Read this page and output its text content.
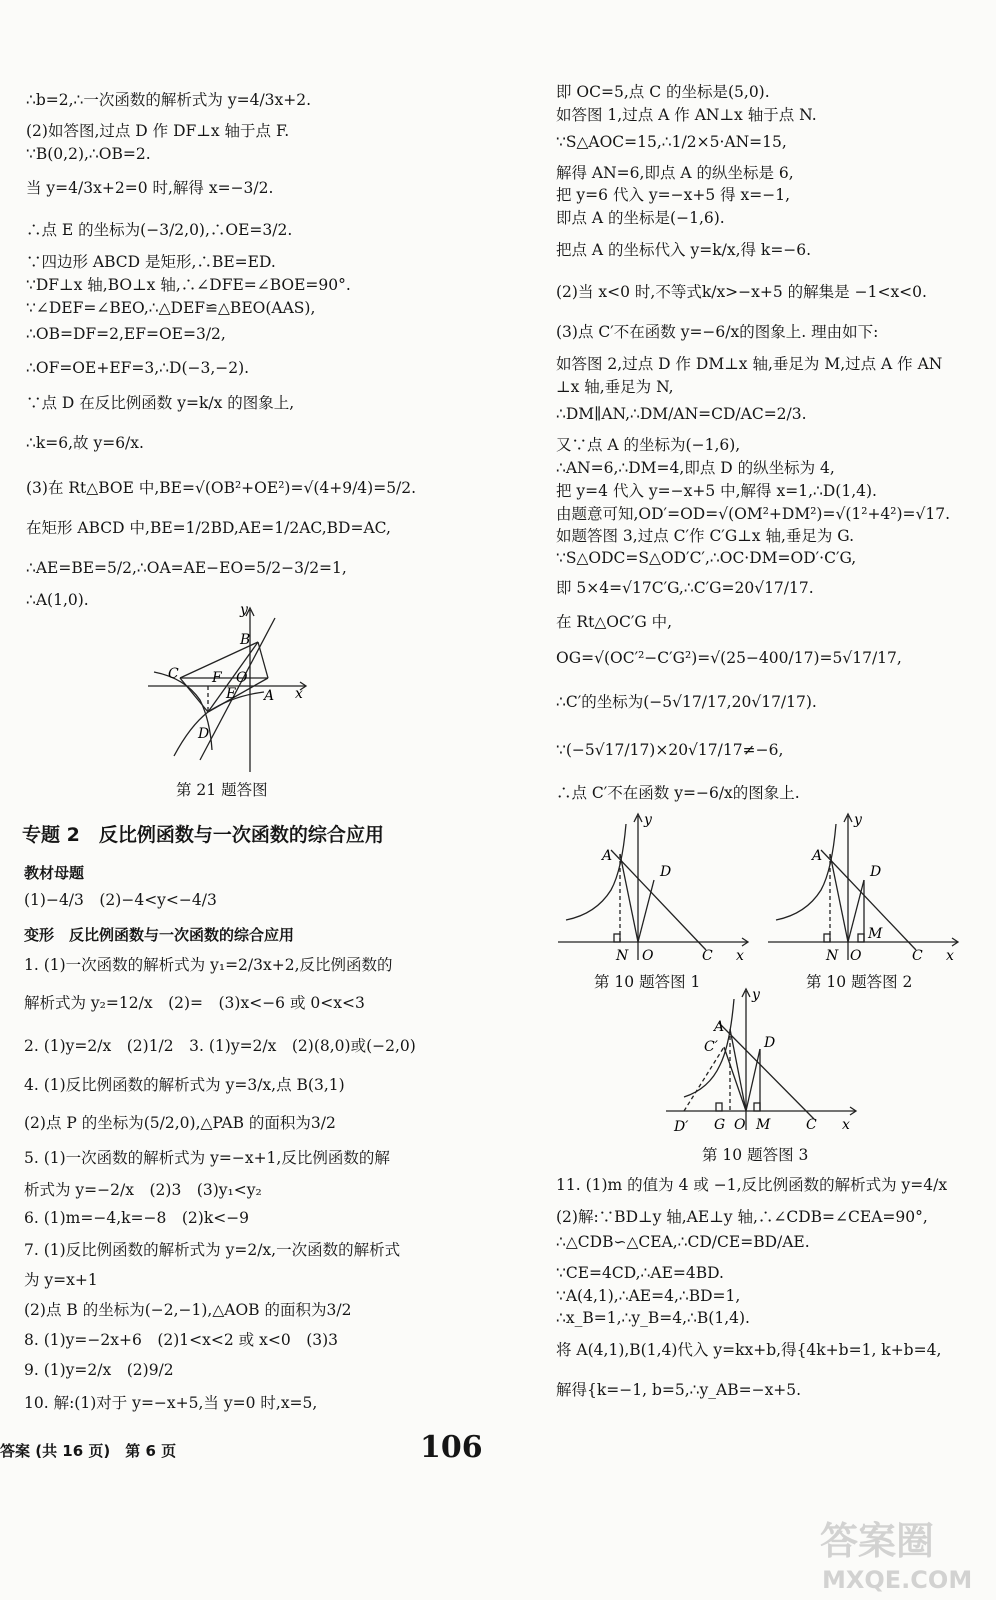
∴b=2,∴一次函数的解析式为 y=4/3x+2.
(2)如答图,过点 D 作 DF⊥x 轴于点 F.
∵B(0,2),∴OB=2.
当 y=4/3x+2=0 时,解得 x=−3/2.
∴点 E 的坐标为(−3/2,0),∴OE=3/2.
∵四边形 ABCD 是矩形,∴BE=ED.
∵DF⊥x 轴,BO⊥x 轴,∴∠DFE=∠BOE=90°.
∵∠DEF=∠BEO,∴△DEF≌△BEO(AAS),
∴OB=DF=2,EF=OE=3/2,
∴OF=OE+EF=3,∴D(−3,−2).
∵点 D 在反比例函数 y=k/x 的图象上,
∴k=6,故 y=6/x.
(3)在 Rt△BOE 中,BE=√(OB²+OE²)=√(4+9/4)=5/2.
在矩形 ABCD 中,BE=1/2BD,AE=1/2AC,BD=AC,
∴AE=BE=5/2,∴OA=AE−EO=5/2−3/2=1,
∴A(1,0).
y
B
C F O
E A x
D
第 21 题答图
专题 2　反比例函数与一次函数的综合应用
教材母题
(1)−4/3　(2)−4<y<−4/3
变形　反比例函数与一次函数的综合应用
1. (1)一次函数的解析式为 y₁=2/3x+2,反比例函数的
解析式为 y₂=12/x　(2)=　(3)x<−6 或 0<x<3
2. (1)y=2/x　(2)1/2　3. (1)y=2/x　(2)(8,0)或(−2,0)
4. (1)反比例函数的解析式为 y=3/x,点 B(3,1)
(2)点 P 的坐标为(5/2,0),△PAB 的面积为3/2
5. (1)一次函数的解析式为 y=−x+1,反比例函数的解
析式为 y=−2/x　(2)3　(3)y₁<y₂
6. (1)m=−4,k=−8　(2)k<−9
7. (1)反比例函数的解析式为 y=2/x,一次函数的解析式
为 y=x+1
(2)点 B 的坐标为(−2,−1),△AOB 的面积为3/2
8. (1)y=−2x+6　(2)1<x<2 或 x<0　(3)3
9. (1)y=2/x　(2)9/2
10. 解:(1)对于 y=−x+5,当 y=0 时,x=5,
答案 (共 16 页)　第 6 页	106
即 OC=5,点 C 的坐标是(5,0).
如答图 1,过点 A 作 AN⊥x 轴于点 N.
∵S△AOC=15,∴1/2×5·AN=15,
解得 AN=6,即点 A 的纵坐标是 6,
把 y=6 代入 y=−x+5 得 x=−1,
即点 A 的坐标是(−1,6).
把点 A 的坐标代入 y=k/x,得 k=−6.
(2)当 x<0 时,不等式k/x>−x+5 的解集是 −1<x<0.
(3)点 C′不在函数 y=−6/x的图象上. 理由如下:
如答图 2,过点 D 作 DM⊥x 轴,垂足为 M,过点 A 作 AN
⊥x 轴,垂足为 N,
∴DM∥AN,∴DM/AN=CD/AC=2/3.
又∵点 A 的坐标为(−1,6),
∴AN=6,∴DM=4,即点 D 的纵坐标为 4,
把 y=4 代入 y=−x+5 中,解得 x=1,∴D(1,4).
由题意可知,OD′=OD=√(OM²+DM²)=√(1²+4²)=√17.
如题答图 3,过点 C′作 C′G⊥x 轴,垂足为 G.
∵S△ODC=S△OD′C′,∴OC·DM=OD′·C′G,
即 5×4=√17C′G,∴C′G=20√17/17.
在 Rt△OC′G 中,
OG=√(OC′²−C′G²)=√(25−400/17)=5√17/17,
∴C′的坐标为(−5√17/17,20√17/17).
∵(−5√17/17)×20√17/17≠−6,
∴点 C′不在函数 y=−6/x的图象上.
y
A
D
N O	C x
第 10 题答图 1
y
A
D
N O
M
C x
第 10 题答图 2
y
A
C′	D
D′ G O M	C x
第 10 题答图 3
11. (1)m 的值为 4 或 −1,反比例函数的解析式为 y=4/x
(2)解:∵BD⊥y 轴,AE⊥y 轴,∴∠CDB=∠CEA=90°,
∴△CDB∽△CEA,∴CD/CE=BD/AE.
∵CE=4CD,∴AE=4BD.
∵A(4,1),∴AE=4,∴BD=1,
∴x_B=1,∴y_B=4,∴B(1,4).
将 A(4,1),B(1,4)代入 y=kx+b,得{4k+b=1, k+b=4,
解得{k=−1, b=5,∴y_AB=−x+5.
答案圈
MXQE.COM
